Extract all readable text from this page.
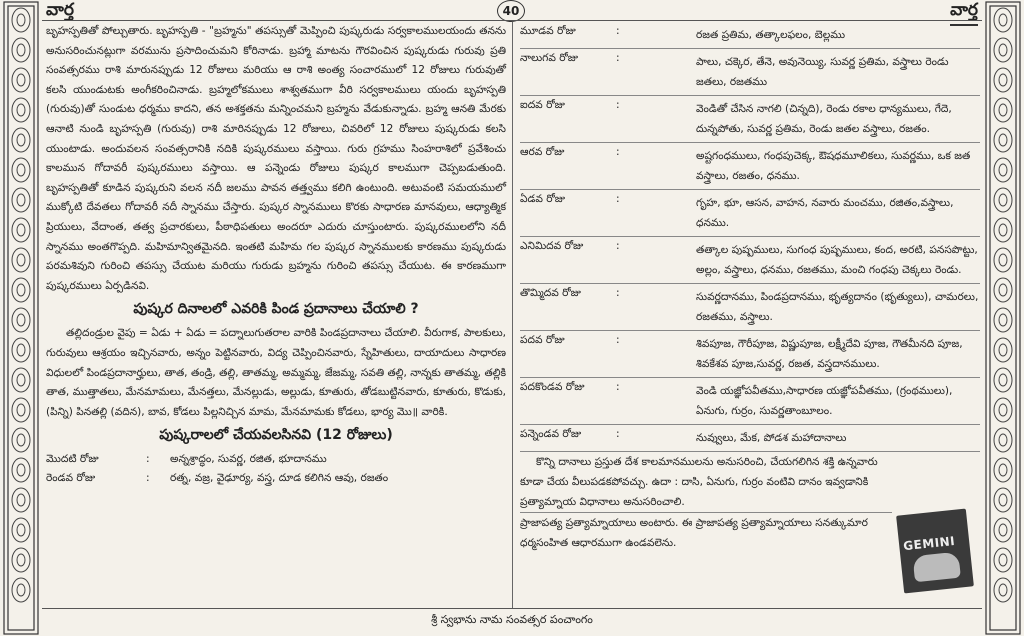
వార్త	40	వార్త

బృహస్పతితో పోల్చుతారు. బృహస్పతి - "బ్రహ్మను" తపస్సుతో మెప్పించి పుష్కరుడు సర్వకాలములయందు తనను అనుసరించునట్లుగా వరమును ప్రసాదించుమని కోరినాడు. బ్రహ్మా మాటను గౌరవించిన పుష్కరుడు గురువు ప్రతి సంవత్సరము రాశి మారునప్పుడు 12 రోజులు మరియు ఆ రాశి అంత్య సంచారములో 12 రోజులు గురువుతో కలసి యుండుటకు అంగీకరించినాడు. బ్రహ్మలోకములు శాశ్వతముగా వీరి సర్వకాలములు యందు బృహస్పతి (గురువు)తో సుండుట ధర్మము కాదని, తన అశక్తతను మన్నించమని బ్రహ్మను వేడుకున్నాడు. బ్రహ్మ ఆనతి మేరకు ఆనాటి నుండి బృహస్పతి (గురువు) రాశి మారినప్పుడు 12 రోజులు, చివరిలో 12 రోజులు పుష్కరుడు కలసి యుంటాడు. అందువలన సంవత్సరానికి నదికి పుష్కరములు వస్తాయి. గురు గ్రహము సింహరాశిలో ప్రవేశించు కాలమున గోదావరీ పుష్కరములు వస్తాయి. ఆ పన్నెండు రోజులు పుష్కర కాలముగా చెప్పబడుతుంది. బృహస్పతితో కూడిన పుష్కరుని వలన నదీ జలము పావన తత్త్వము కలిగి ఉంటుంది. అటువంటి సమయములో ముక్కోటి దేవతలు గోదావరీ నదీ స్నానము చేస్తారు. పుష్కర స్నానములు కొరకు సాధారణ మానవులు, ఆధ్యాత్మిక ప్రియులు, వేదాంత, తత్వ ప్రచారకులు, పీఠాధిపతులు అందరూ ఎదురు చూస్తుంటారు. పుష్కరములలోని నదీ స్నానము అంతగొప్పది. మహిమాన్వితమైనది. ఇంతటి మహిమ గల పుష్కర స్నానములకు కారణము పుష్కరుడు పరమశివుని గురించి తపస్సు చేయుట మరియు గురుడు బ్రహ్మను గురించి తపస్సు చేయుట. ఈ కారణముగా పుష్కరములు ఏర్పడినవి.

పుష్కర దినాలలో ఎవరికి పిండ ప్రదానాలు చేయాలి ?

తల్లిదండ్రుల వైపు = ఏడు + ఏడు = పద్నాలుగుతరాల వారికి పిండప్రదానాలు చేయాలి. వీరుగాక, పాలకులు, గురువులు ఆశ్రయం ఇచ్చినవారు, అన్నం పెట్టినవారు, విద్య చెప్పించినవారు, స్నేహితులు, దాయాదులు సాధారణ విధులలో పిండప్రదానార్హులు, తాత, తండ్రి, తల్లి, తాతమ్మ, అమ్మమ్మ, జేజమ్మ, సవతి తల్లి, నాన్నకు తాతమ్మ, తల్లికి తాత, ముత్తాతలు, మేనమామలు, మేనత్తలు, మేనల్లుడు, అల్లుడు, కూతురు, తోడబుట్టినవారు, కూతురు, కొడుకు, (పిన్ని) పినతల్లి (వదిన), బావ, కోడలు పిల్లనిచ్చిన మామ, మేనమామకు కోడలు, భార్య మొ॥ వారికి.

పుష్కరాలలో చేయవలసినవి (12 రోజులు)
మొదటి రోజు	:	అన్నశ్రాద్ధం, సువర్ణ, రజిత, భూదానము
రెండవ రోజు	:	రత్న, వజ్ర, వైఢూర్య, వస్త్ర, దూడ కలిగిన ఆవు, రజతం
మూడవ రోజు	:	రజత ప్రతిమ, తత్కాలఫలం, బెల్లము
నాలుగవ రోజు	:	పాలు, చక్కెర, తేనె, అవునెయ్యి, సువర్ణ ప్రతిమ, వస్త్రాలు రెండు జతలు, రజతము
ఐదవ రోజు	:	వెండితో చేసిన నాగలి (చిన్నది), రెండు రకాల ధాన్యములు, గేదె, దున్నపోతు, సువర్ణ ప్రతిమ, రెండు జతల వస్త్రాలు, రజతం.
ఆరవ రోజు	:	అష్టగంధములు, గంధపుచెక్క, ఔషధమూలికలు, సువర్ణము, ఒక జత వస్త్రాలు, రజతం, ధనము.
ఏడవ రోజు	:	గృహ, భూ, ఆసన, వాహన, నవారు మంచము, రజితం,వస్త్రాలు, ధనము.
ఎనిమిదవ రోజు	:	తత్కాల పుష్పములు, సుగంధ పుష్పములు, కంద, అరటి, పనసపొట్టు, అల్లం, వస్త్రాలు, ధనము, రజతము, మంచి గంధపు చెక్కలు రెండు.
తొమ్మిదవ రోజు	:	సువర్ణదానము, పిండప్రదానము, భృత్యదానం (భృత్యులు), చామరలు, రజతము, వస్త్రాలు.
పదవ రోజు	:	శివపూజ, గౌరీపూజ, విష్ణుపూజ, లక్ష్మీదేవి పూజ, గౌతమీనది పూజ, శివకేశవ పూజ,సువర్ణ, రజత, వస్త్రదానములు.
పదకొండవ రోజు	:	వెండి యజ్ఞోపవీతము,సాధారణ యజ్ఞోపవీతము, (గ్రంథములు), ఏనుగు, గుర్రం, సువర్ణతాంబూలం.
పన్నెండవ రోజు	:	నువ్వులు, మేక, పోడశ మహాదానాలు

కొన్ని దానాలు ప్రస్తుత దేశ కాలమానములను అనుసరించి, చేయగలిగిన శక్తి ఉన్నవారు కూడా చేయ వీలుపడకపోవచ్చు. ఉదా : దాసి, ఏనుగు, గుర్రం వంటివి దానం ఇవ్వడానికి ప్రత్యామ్నాయ విధానాలు అనుసరించాలి.

ప్రాజాపత్య ప్రత్యామ్నాయాలు అంటారు. ఈ ప్రాజాపత్య ప్రత్యామ్నాయాలు సనత్కుమార ధర్మసంహిత ఆధారముగా ఉండవలెను.	GEMINI
శ్రీ స్వభాను నామ సంవత్సర పంచాంగం
